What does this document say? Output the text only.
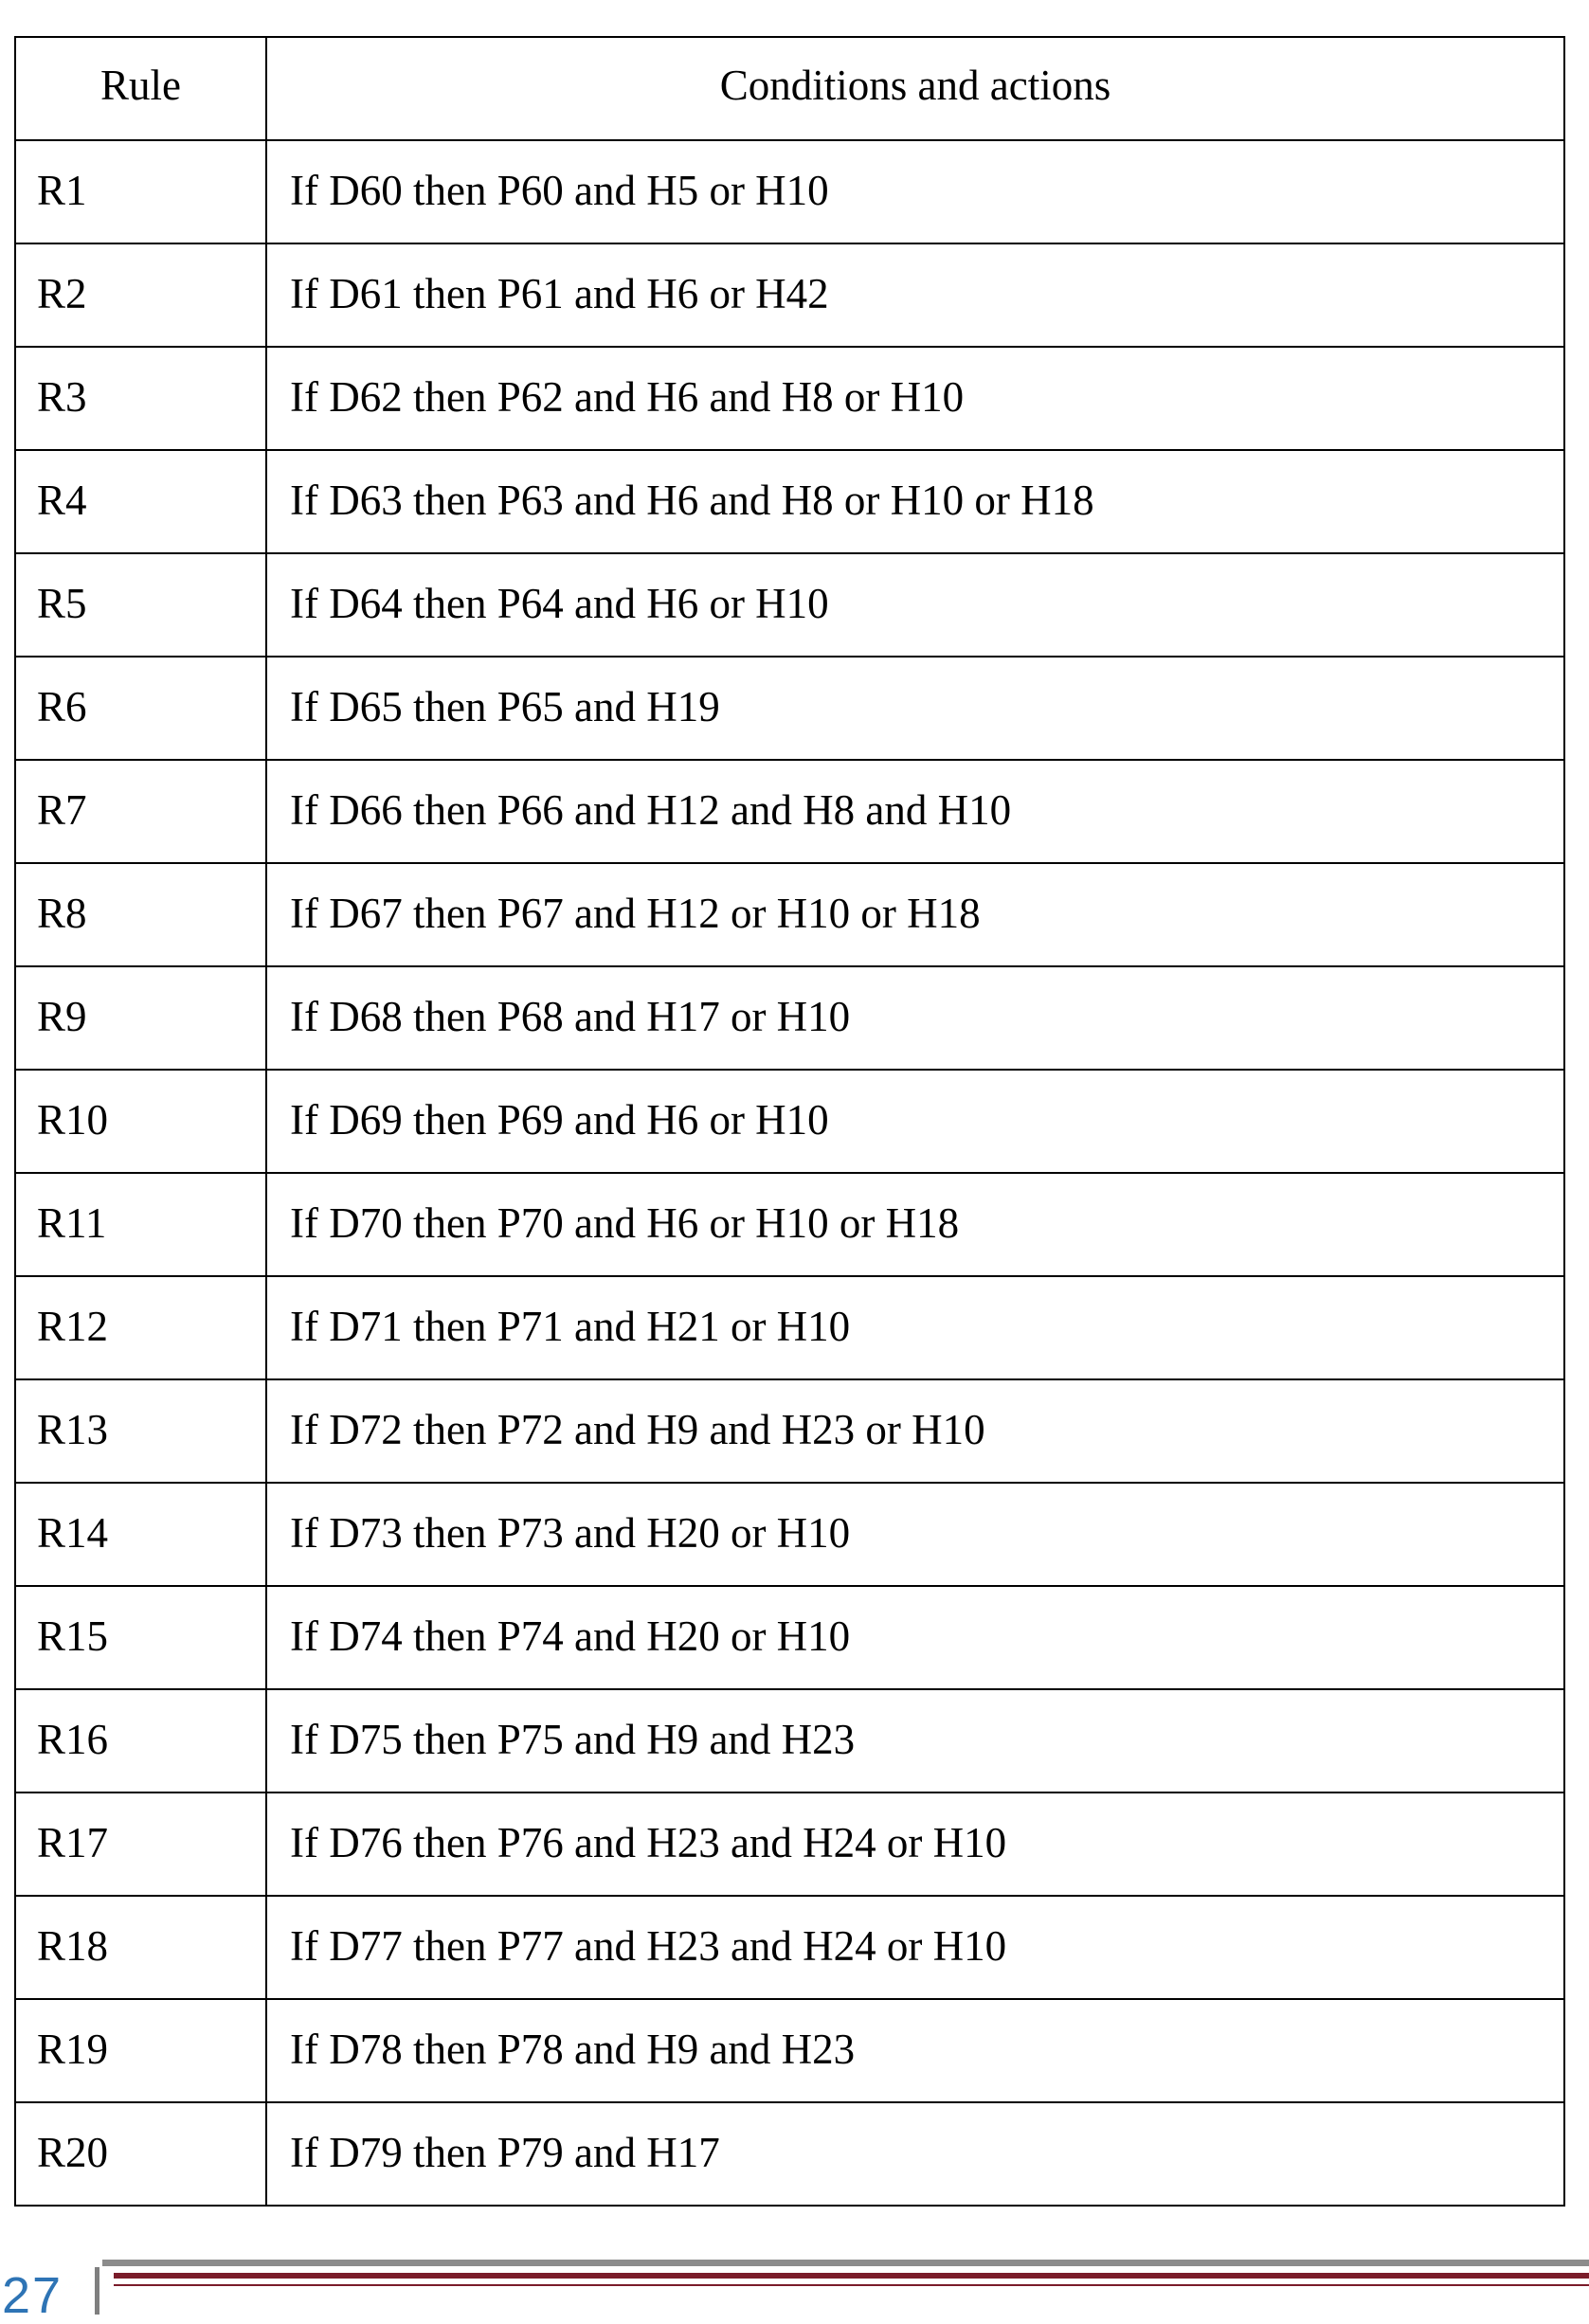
Rule	Conditions and actions
R1	If D60 then P60 and H5 or H10
R2	If D61 then P61 and H6 or H42
R3	If D62 then P62 and H6 and H8 or H10
R4	If D63 then P63 and H6 and H8 or H10 or H18
R5	If D64 then P64 and H6 or H10
R6	If D65 then P65 and H19
R7	If D66 then P66 and H12 and H8 and H10
R8	If D67 then P67 and H12 or H10 or H18
R9	If D68 then P68 and H17 or H10
R10	If D69 then P69 and H6 or H10
R11	If D70 then P70 and H6 or H10 or H18
R12	If D71 then P71 and H21 or H10
R13	If D72 then P72 and H9 and H23 or H10
R14	If D73 then P73 and H20 or H10
R15	If D74 then P74 and H20 or H10
R16	If D75 then P75 and H9 and H23
R17	If D76 then P76 and H23 and H24 or H10
R18	If D77 then P77 and H23 and H24 or H10
R19	If D78 then P78 and H9 and H23
R20	If D79 then P79 and H17
27
